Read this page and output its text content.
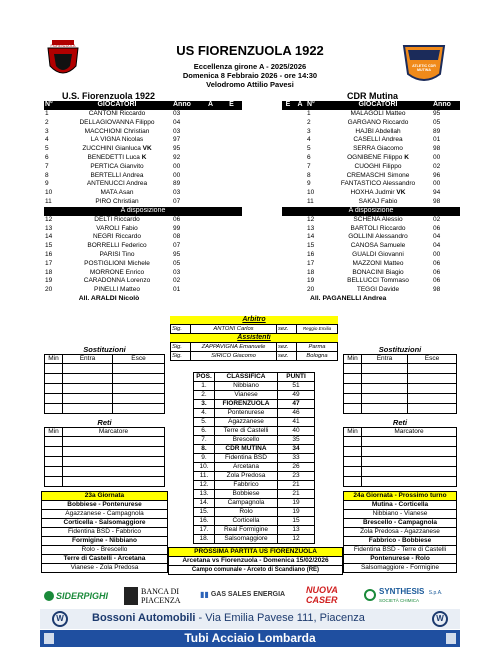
FIORENZUOLA
ATLETIC CDR MUTINA
US FIORENZUOLA 1922
Eccellenza girone A - 2025/2026
Domenica 8 Febbraio 2026 - ore 14:30
Velodromo Attilio Pavesi
U.S. Fiorenzuola 1922	CDR Mutina
N°	GIOCATORI	Anno	A	E
1	CANTONI Riccardo	03		
2	DELLAGIOVANNA Filippo	04		
3	MACCHIONI Christian	03		
4	LA VIGNA Nicolas	97		
5	ZUCCHINI Gianluca VK	95		
6	BENEDETTI Luca K	92		
7	PERTICA Gianvito	00		
8	BERTELLI Andrea	00		
9	ANTENUCCI Andrea	89		
10	MATA Asan	03		
11	PIRO Christian	07		
A disposizione				
12	DELTI Riccardo	06		
13	VAROLI Fabio	99		
14	NEGRI Riccardo	08		
15	BORRELLI Federico	07		
16	PARISI Tino	95		
17	POSTIGLIONI Michele	05		
18	MORRONE Enrico	03		
19	CARADONNA Lorenzo	02		
20	PINELLI Matteo	01		
All. ARALDI Nicolò
E	A	N°	GIOCATORI	Anno
		1	MALAGOLI Matteo	95
		2	GARGANO Riccardo	05
		3	HAJBI Abdellah	89
		4	CASELLI Andrea	01
		5	SERRA Giacomo	98
		6	OGNIBENE Filippo K	00
		7	CUOGHI Filippo	02
		8	CREMASCHI Simone	96
		9	FANTASTICO Alessandro	00
		10	HOXHA Judmir VK	94
		11	SAKAJ Fabio	98
A disposizione				
		12	SCHENA Alessio	02
		13	BARTOLI Riccardo	06
		14	GOLLINI Alessandro	04
		15	CANOSA Samuele	04
		16	GUALDI Giovanni	00
		17	MAZZONI Matteo	06
		18	BONACINI Biagio	06
		19	BELLUCCI Tommaso	06
		20	TEGGI Davide	98
All. PAGANELLI Andrea
Arbitro
Sig.	ANTONI Carlos	sez.	Reggio Emilia
Assistenti
Sig.	ZAPPAVIGNA Emanuele	sez.	Parma
Sig.	SIRICO Giacomo	sez.	Bologna
Sostituzioni
Min	Entra	Esce

Sostituzioni
Min	Entra	Esce

Reti
Min	Marcatore

Reti
Min	Marcatore

POS.	CLASSIFICA	PUNTI
1.	Nibbiano	51
2.	Vianese	49
3.	FIORENZUOLA	47
4.	Pontenurese	46
5.	Agazzanese	41
6.	Terre di Castelli	40
7.	Brescello	35
8.	CDR MUTINA	34
9.	Fidentina BSD	33
10.	Arcetana	26
11.	Zola Predosa	23
12.	Fabbrico	21
13.	Bobbiese	21
14.	Campagnola	19
15.	Rolo	19
16.	Corticella	15
17.	Real Formigine	13
18.	Salsomaggiore	12
23a Giornata
Bobbiese - Pontenurese
Agazzanese - Campagnola
Corticella - Salsomaggiore
Fidentina BSD - Fabbrico
Formigine - Nibbiano
Rolo - Brescello
Terre di Castelli - Arcetana
Vianese - Zola Predosa
24a Giornata - Prossimo turno
Mutina - Corticella
Nibbiano - Vianese
Brescello - Campagnola
Zola Predosa - Agazzanese
Fabbrico - Bobbiese
Fidentina BSD - Terre di Castelli
Pontenurese - Rolo
Salsomaggiore - Formigine
PROSSIMA PARTITA US FIORENZUOLA
Arcetana vs Fiorenzuola - Domenica 15/02/2026
Campo comunale - Arceto di Scandiano (RE)
SIDERPIGHI	BANCA DI
PIACENZA
▮▮ GAS SALES ENERGIA NUOVA
CASER
SYNTHESIS S.p.A.
SOCIETÀ CHIMICA
W	Bossoni Automobili - Via Emilia Pavese 111, Piacenza	W
Tubi Acciaio Lombarda
